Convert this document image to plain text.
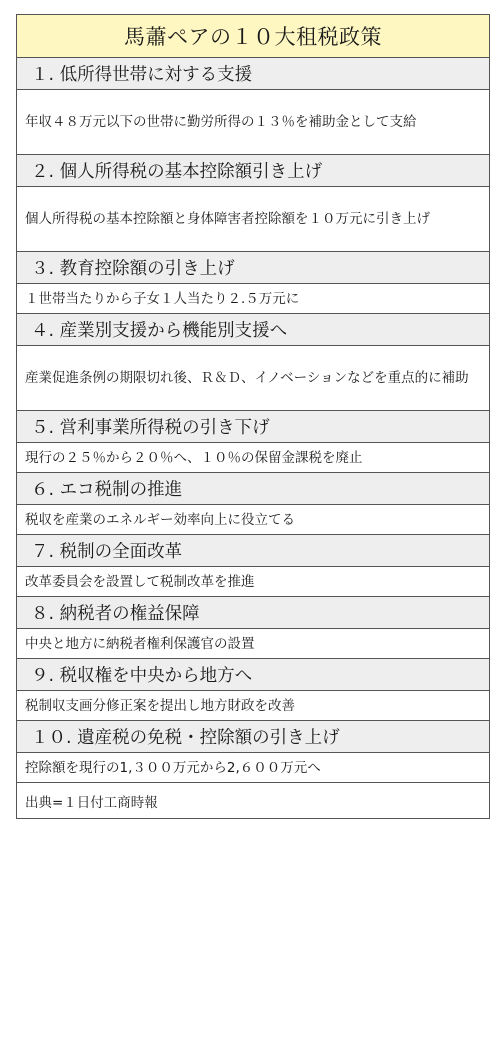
馬蕭ペアの１０大租税政策
１. 低所得世帯に対する支援
年収４８万元以下の世帯に勤労所得の１３％を補助金として支給
２. 個人所得税の基本控除額引き上げ
個人所得税の基本控除額と身体障害者控除額を１０万元に引き上げ
３. 教育控除額の引き上げ
１世帯当たりから子女１人当たり２.５万元に
４. 産業別支援から機能別支援へ
産業促進条例の期限切れ後、Ｒ＆Ｄ、イノベーションなどを重点的に補助
５. 営利事業所得税の引き下げ
現行の２５％から２０％へ、１０％の保留金課税を廃止
６. エコ税制の推進
税収を産業のエネルギー効率向上に役立てる
７. 税制の全面改革
改革委員会を設置して税制改革を推進
８. 納税者の権益保障
中央と地方に納税者権利保護官の設置
９. 税収権を中央から地方へ
税制収支画分修正案を提出し地方財政を改善
１０. 遺産税の免税・控除額の引き上げ
控除額を現行の1,３００万元から2,６００万元へ
出典=１日付工商時報
